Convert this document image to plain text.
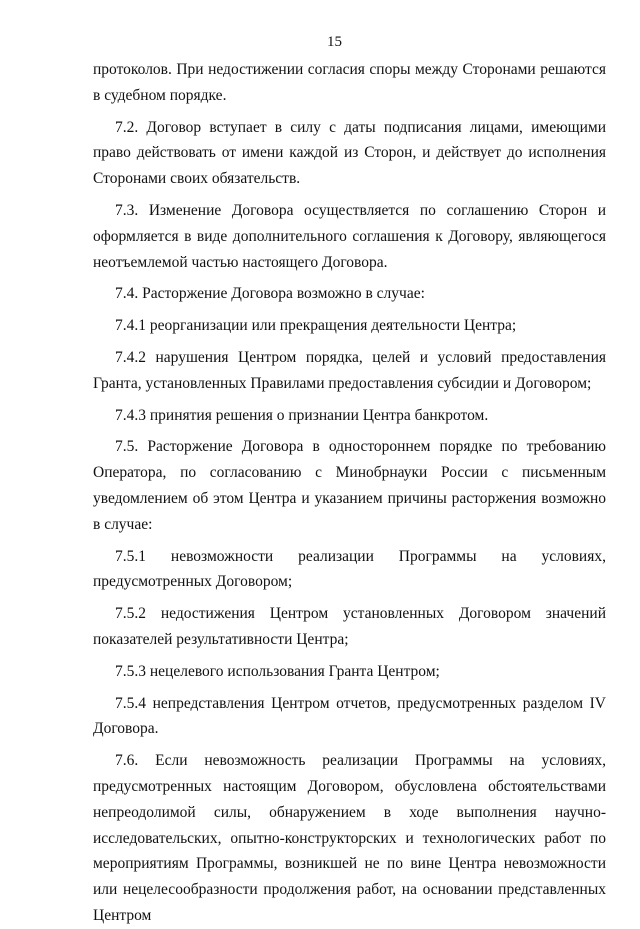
15

протоколов. При недостижении согласия споры между Сторонами решаются в судебном порядке.

7.2. Договор вступает в силу с даты подписания лицами, имеющими право действовать от имени каждой из Сторон, и действует до исполнения Сторонами своих обязательств.

7.3. Изменение Договора осуществляется по соглашению Сторон и оформляется в виде дополнительного соглашения к Договору, являющегося неотъемлемой частью настоящего Договора.

7.4. Расторжение Договора возможно в случае:

7.4.1 реорганизации или прекращения деятельности Центра;

7.4.2 нарушения Центром порядка, целей и условий предоставления Гранта, установленных Правилами предоставления субсидии и Договором;

7.4.3 принятия решения о признании Центра банкротом.

7.5. Расторжение Договора в одностороннем порядке по требованию Оператора, по согласованию с Минобрнауки России с письменным уведомлением об этом Центра и указанием причины расторжения возможно в случае:

7.5.1 невозможности реализации Программы на условиях, предусмотренных Договором;

7.5.2 недостижения Центром установленных Договором значений показателей результативности Центра;

7.5.3 нецелевого использования Гранта Центром;

7.5.4 непредставления Центром отчетов, предусмотренных разделом IV Договора.

7.6. Если невозможность реализации Программы на условиях, предусмотренных настоящим Договором, обусловлена обстоятельствами непреодолимой силы, обнаружением в ходе выполнения научно-исследовательских, опытно-конструкторских и технологических работ по мероприятиям Программы, возникшей не по вине Центра невозможности или нецелесообразности продолжения работ, на основании представленных Центром
